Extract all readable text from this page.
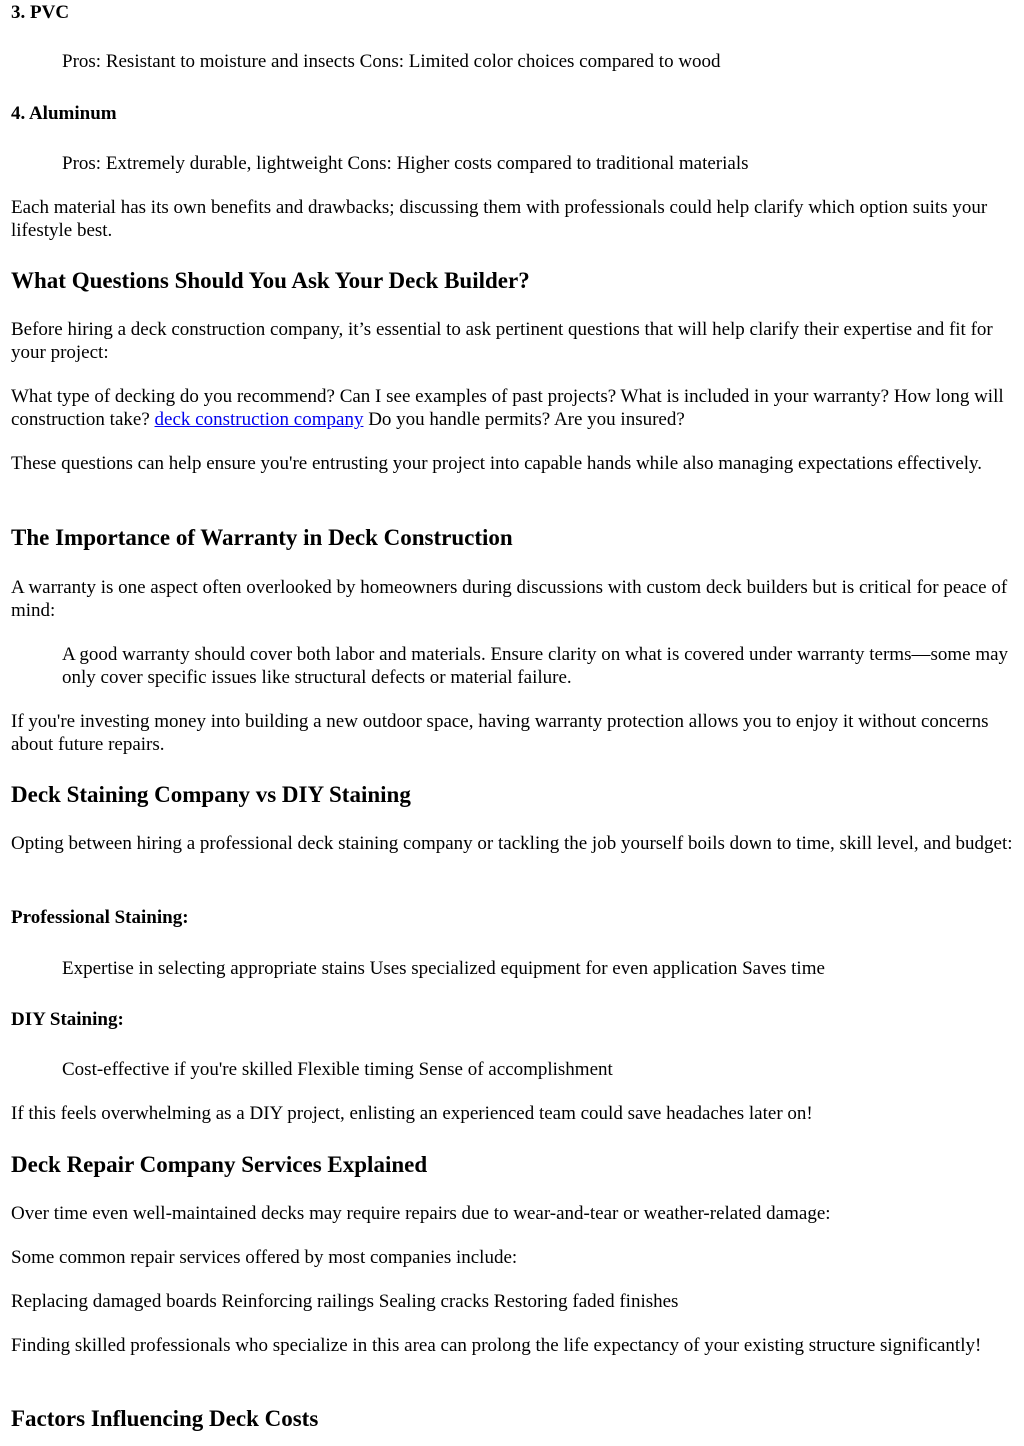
3. PVC

Pros: Resistant to moisture and insects Cons: Limited color choices compared to wood

4. Aluminum

Pros: Extremely durable, lightweight Cons: Higher costs compared to traditional materials

Each material has its own benefits and drawbacks; discussing them with professionals could help clarify which option suits your lifestyle best.

What Questions Should You Ask Your Deck Builder?

Before hiring a deck construction company, it’s essential to ask pertinent questions that will help clarify their expertise and fit for your project:

What type of decking do you recommend? Can I see examples of past projects? What is included in your warranty? How long will construction take? deck construction company Do you handle permits? Are you insured?

These questions can help ensure you're entrusting your project into capable hands while also managing expectations effectively.

The Importance of Warranty in Deck Construction

A warranty is one aspect often overlooked by homeowners during discussions with custom deck builders but is critical for peace of mind:

A good warranty should cover both labor and materials. Ensure clarity on what is covered under warranty terms—some may only cover specific issues like structural defects or material failure.

If you're investing money into building a new outdoor space, having warranty protection allows you to enjoy it without concerns about future repairs.

Deck Staining Company vs DIY Staining

Opting between hiring a professional deck staining company or tackling the job yourself boils down to time, skill level, and budget:

Professional Staining:

Expertise in selecting appropriate stains Uses specialized equipment for even application Saves time

DIY Staining:

Cost-effective if you're skilled Flexible timing Sense of accomplishment

If this feels overwhelming as a DIY project, enlisting an experienced team could save headaches later on!

Deck Repair Company Services Explained

Over time even well-maintained decks may require repairs due to wear-and-tear or weather-related damage:

Some common repair services offered by most companies include:

Replacing damaged boards Reinforcing railings Sealing cracks Restoring faded finishes

Finding skilled professionals who specialize in this area can prolong the life expectancy of your existing structure significantly!

Factors Influencing Deck Costs
